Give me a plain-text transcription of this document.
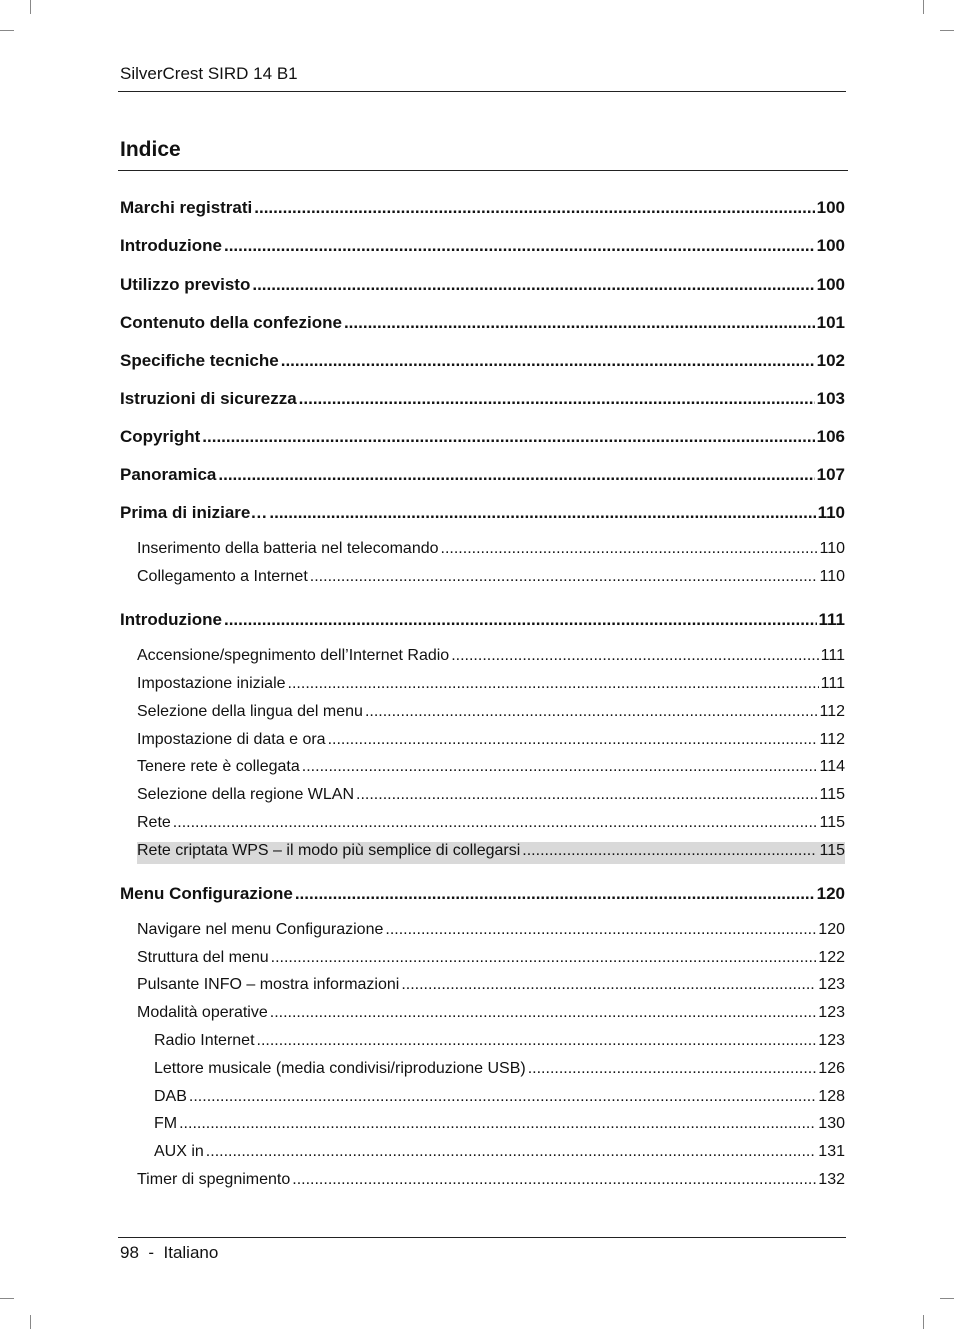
SilverCrest SIRD 14 B1
Indice
Marchi registrati .....	100
Introduzione .....	100
Utilizzo previsto .....	100
Contenuto della confezione .....	101
Specifiche tecniche .....	102
Istruzioni di sicurezza .....	103
Copyright .....	106
Panoramica .....	107
Prima di iniziare… .....	110
Inserimento della batteria nel telecomando .....	110
Collegamento a Internet .....	110
Introduzione .....	111
Accensione/spegnimento dell’Internet Radio .....	111
Impostazione iniziale .....	111
Selezione della lingua del menu .....	112
Impostazione di data e ora .....	112
Tenere rete è collegata .....	114
Selezione della regione WLAN .....	115
Rete .....	115
Rete criptata WPS – il modo più semplice di collegarsi .....	115
Menu Configurazione .....	120
Navigare nel menu Configurazione .....	120
Struttura del menu .....	122
Pulsante INFO – mostra informazioni .....	123
Modalità operative .....	123
Radio Internet .....	123
Lettore musicale (media condivisi/riproduzione USB) .....	126
DAB .....	128
FM .....	130
AUX in .....	131
Timer di spegnimento .....	132
98 - Italiano
